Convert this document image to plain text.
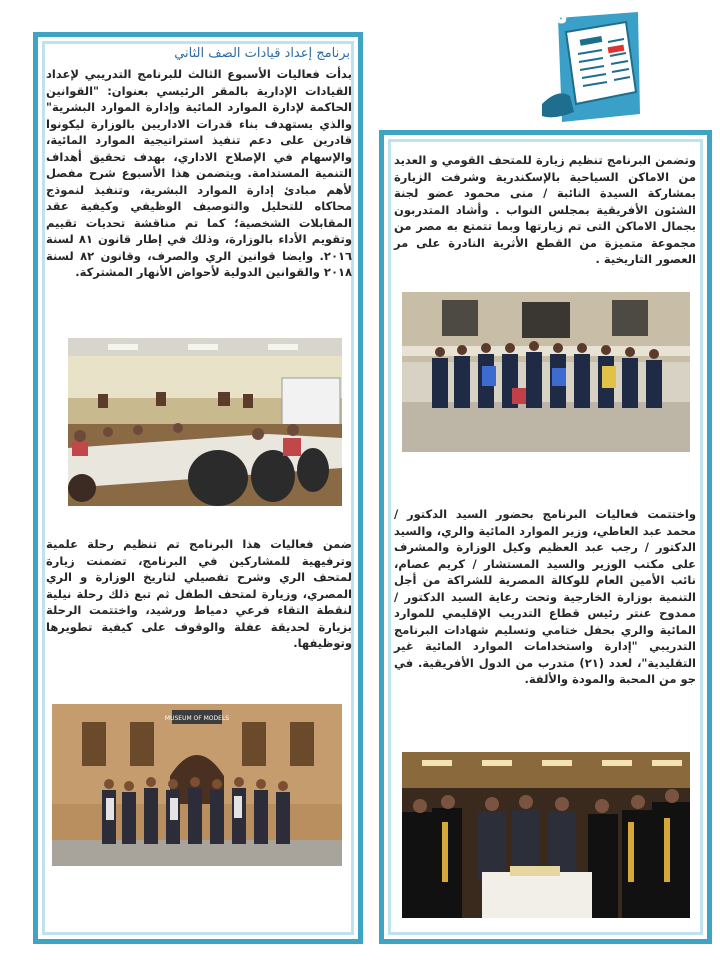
٣
برنامج إعداد قيادات الصف الثاني

بدأت فعاليات الأسبوع الثالث للبرنامج التدريبي لإعداد القيادات الإدارية بالمقر الرئيسي بعنوان: "القوانين الحاكمة لإدارة الموارد المائية وإدارة الموارد البشرية" والذي يستهدف بناء قدرات الاداريين بالوزارة ليكونوا قادرين على دعم تنفيذ استراتيجية الموارد المائية، والإسهام في الإصلاح الاداري، بهدف تحقيق أهداف التنمية المستدامة. ويتضمن هذا الأسبوع شرح مفصل لأهم مبادئ إدارة الموارد البشرية، وتنفيذ لنموذج محاكاه للتحليل والتوصيف الوظيفي وكيفية عقد المقابلات الشخصية؛ كما تم مناقشة تحديات تقييم وتقويم الأداء بالوزارة، وذلك في إطار قانون ٨١ لسنة ٢٠١٦. وايضا قوانين الري والصرف، وقانون ٨٢ لسنة ٢٠١٨ والقوانين الدولية لأحواض الأنهار المشتركة.

ضمن فعاليات هذا البرنامج تم تنظيم رحلة علمية وترفيهية للمشاركين في البرنامج، تضمنت زيارة لمتحف الري وشرح تفصيلي لتاريخ الوزارة و الري المصري، وزيارة لمتحف الطفل ثم تبع ذلك رحلة نيلية لنقطة التقاء فرعي دمياط ورشيد، واختتمت الرحلة بزيارة لحديقة عفلة والوقوف على كيفية تطويرها وتوظيفها.

MUSEUM OF MODELS

وتضمن البرنامج تنظيم زيارة للمتحف القومي و العديد من الاماكن السياحية بالإسكندرية وشرفت الزيارة بمشاركة السيدة النائبة / منى محمود عضو لجنة الشئون الأفريقية بمجلس النواب . وأشاد المتدربون بجمال الاماكن التى تم زيارتها وبما تتمتع به مصر من مجموعة متميزة من القطع الأثرية النادرة على مر العصور التاريخية .

واختتمت فعاليات البرنامج بحضور السيد الدكتور / محمد عبد العاطي، وزير الموارد المائية والري، والسيد الدكتور / رجب عبد العظيم وكيل الوزارة والمشرف على مكتب الوزير والسيد المستشار / كريم عصام، نائب الأمين العام للوكالة المصرية للشراكة من أجل التنمية بوزارة الخارجية وتحت رعاية السيد الدكتور / ممدوح عنتر رئيس قطاع التدريب الإقليمي للموارد المائية والري بحفل ختامي وتسليم شهادات البرنامج التدريبي "إدارة واستخدامات الموارد المائية غير التقليدية"، لعدد (٢١) متدرب من الدول الأفريقية. في جو من المحبة والمودة والألفة.
